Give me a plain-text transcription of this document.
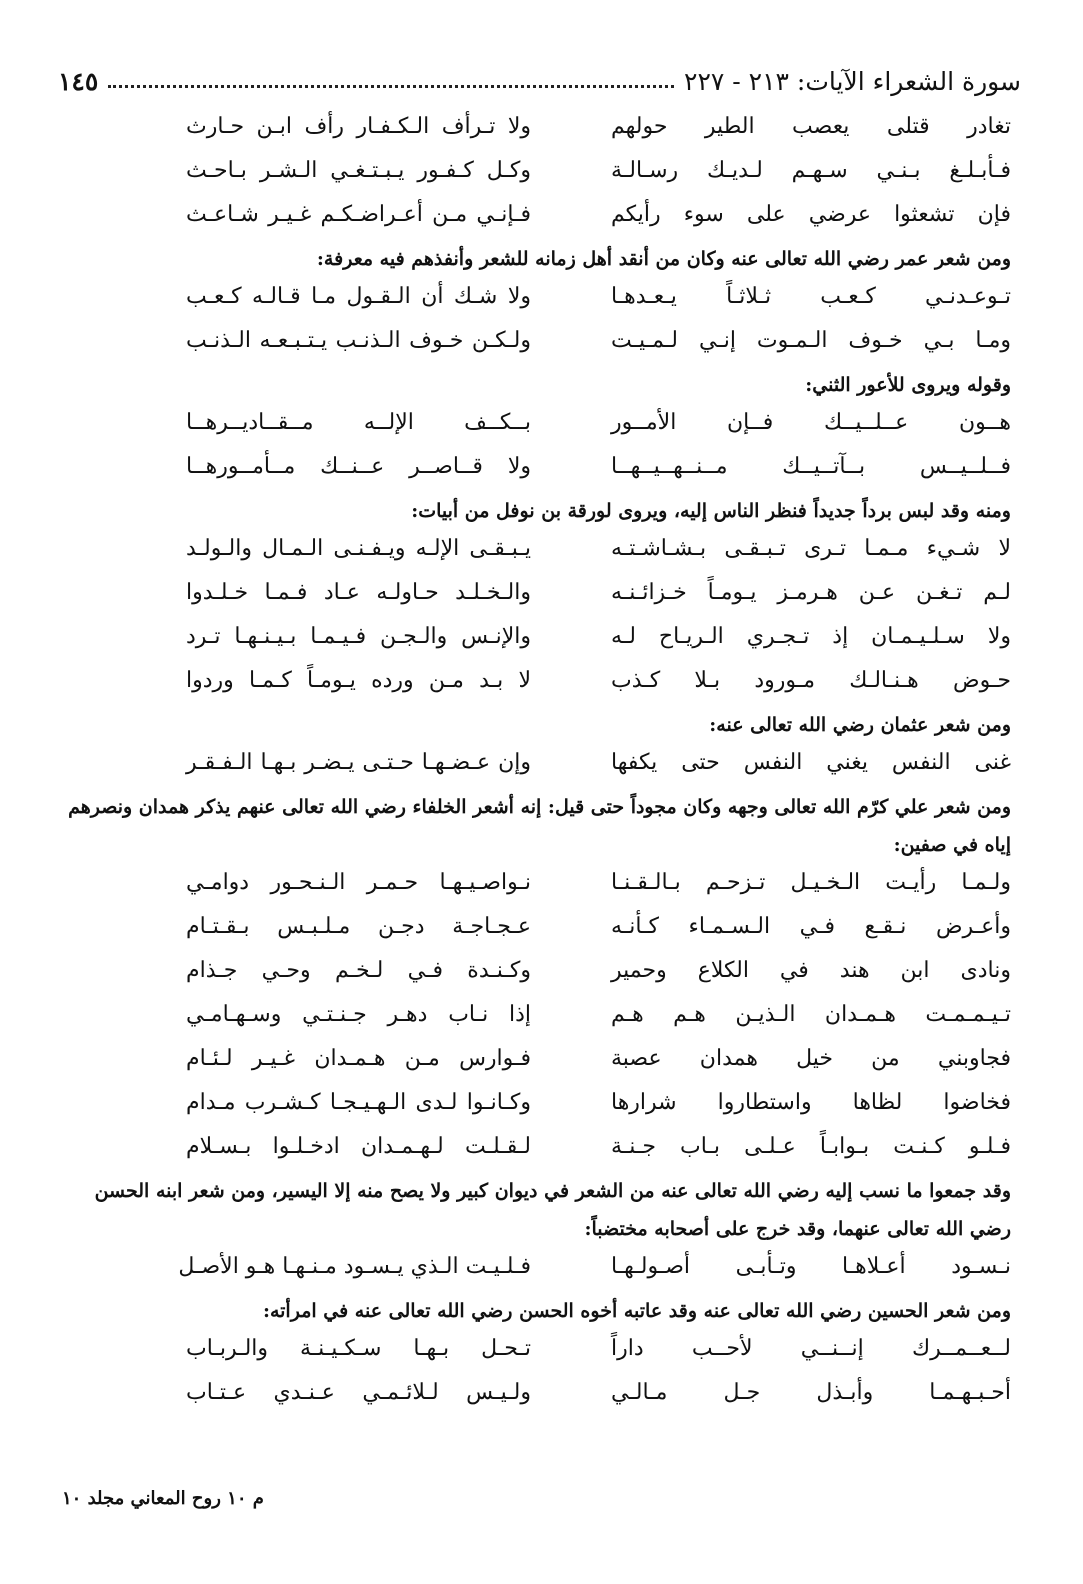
سورة الشعراء الآيات: ٢١٣ - ٢٢٧
١٤٥
تغادر قتلى يعصب الطير حولهم
ولا تـرأف الـكـفـار رأف ابـن حـارث
فـأبـلـغ بـنـي سـهـم لـديـك رسـالـة
وكـل كـفـور يـبـتـغـي الـشـر بـاحـث
فإن تشعثوا عرضي على سوء رأيكم
فـإنـي مـن أعـراضـكـم غـيـر شـاعـث

ومن شعر عمر رضي الله تعالى عنه وكان من أنقد أهل زمانه للشعر وأنفذهم فيه معرفة:

تـوعـدنـي كـعـب ثـلاثـاً يـعـدهـا
ولا شـك أن الـقـول مـا قـالـه كـعـب
ومـا بـي خـوف الـمـوت إنـي لـمـيـت
ولـكـن خـوف الـذنـب يـتـبـعـه الـذنـب

وقوله ويروى للأعور الثني:

هــون عــلــيــك فــإن الأمــور
بــكــف الإلــه مــقــاديــرهــا
فــلــيــس بــآتــيــك مــنــهــيــهــا
ولا قــاصــر عــنــك مــأمــورهــا

ومنه وقد لبس برداً جديداً فنظر الناس إليه، ويروى لورقة بن نوفل من أبيات:

لا شـيء مـمـا تـرى تـبـقـى بـشـاشـتـه
يـبـقـى الإلـه ويـفـنـى الـمـال والـولـد
لـم تـغـن عـن هـرمـز يـومـاً خـزائـنـه
والـخـلـد حـاولـه عـاد فـمـا خـلـدوا
ولا سـلـيـمـان إذ تـجـري الـريـاح لـه
والإنـس والـجـن فـيـمـا بـيـنـهـا تـرد
حـوض هـنـالـك مـورود بـلا كـذب
لا بـد مـن ورده يـومـاً كـمـا وردوا

ومن شعر عثمان رضي الله تعالى عنه:

غنى النفس يغني النفس حتى يكفها
وإن عـضـهـا حـتـى يـضـر بـهـا الـفـقـر

ومن شعر علي كرّم الله تعالى وجهه وكان مجوداً حتى قيل: إنه أشعر الخلفاء رضي الله تعالى عنهم يذكر همدان ونصرهم إياه في صفين:

ولـمـا رأيـت الـخـيـل تـزحـم بـالـقـنـا
نـواصـيـهـا حـمـر الـنـحـور دوامـي
وأعـرض نـقـع فـي الـسـمـاء كـأنـه
عـجـاجـة دجـن مـلـبـس بـقـتـام
ونادى ابن هند في الكلاع وحمير
وكـنـدة فـي لـخـم وحـي جـذام
تـيـمـمـت هـمـدان الـذيـن هـم هـم
إذا نـاب دهـر جـنـتـي وسـهـامـي
فجاوبني من خيل همدان عصبة
فـوارس مـن هـمـدان غـيـر لـئـام
فخاضوا لظاها واستطاروا شرارها
وكـانـوا لـدى الـهـيـجـا كـشـرب مـدام
فـلـو كـنـت بـوابـاً عـلـى بـاب جـنـة
لـقـلـت لـهـمـدان ادخـلـوا بـسـلام

وقد جمعوا ما نسب إليه رضي الله تعالى عنه من الشعر في ديوان كبير ولا يصح منه إلا اليسير، ومن شعر ابنه الحسن رضي الله تعالى عنهما، وقد خرج على أصحابه مختضباً:

نـسـود أعـلاهـا وتـأبـى أصـولـهـا
فـلـيـت الـذي يـسـود مـنـهـا هـو الأصـل

ومن شعر الحسين رضي الله تعالى عنه وقد عاتبه أخوه الحسن رضي الله تعالى عنه في امرأته:

لــعــمــرك إنــنــي لأحــب داراً
تـحـل بـهـا سـكـيـنـة والـربـاب
أحـبـهـمـا وأبـذل جـل مـالـي
ولـيـس لـلائـمـي عـنـدي عـتـاب
م ١٠ روح المعاني مجلد ١٠
